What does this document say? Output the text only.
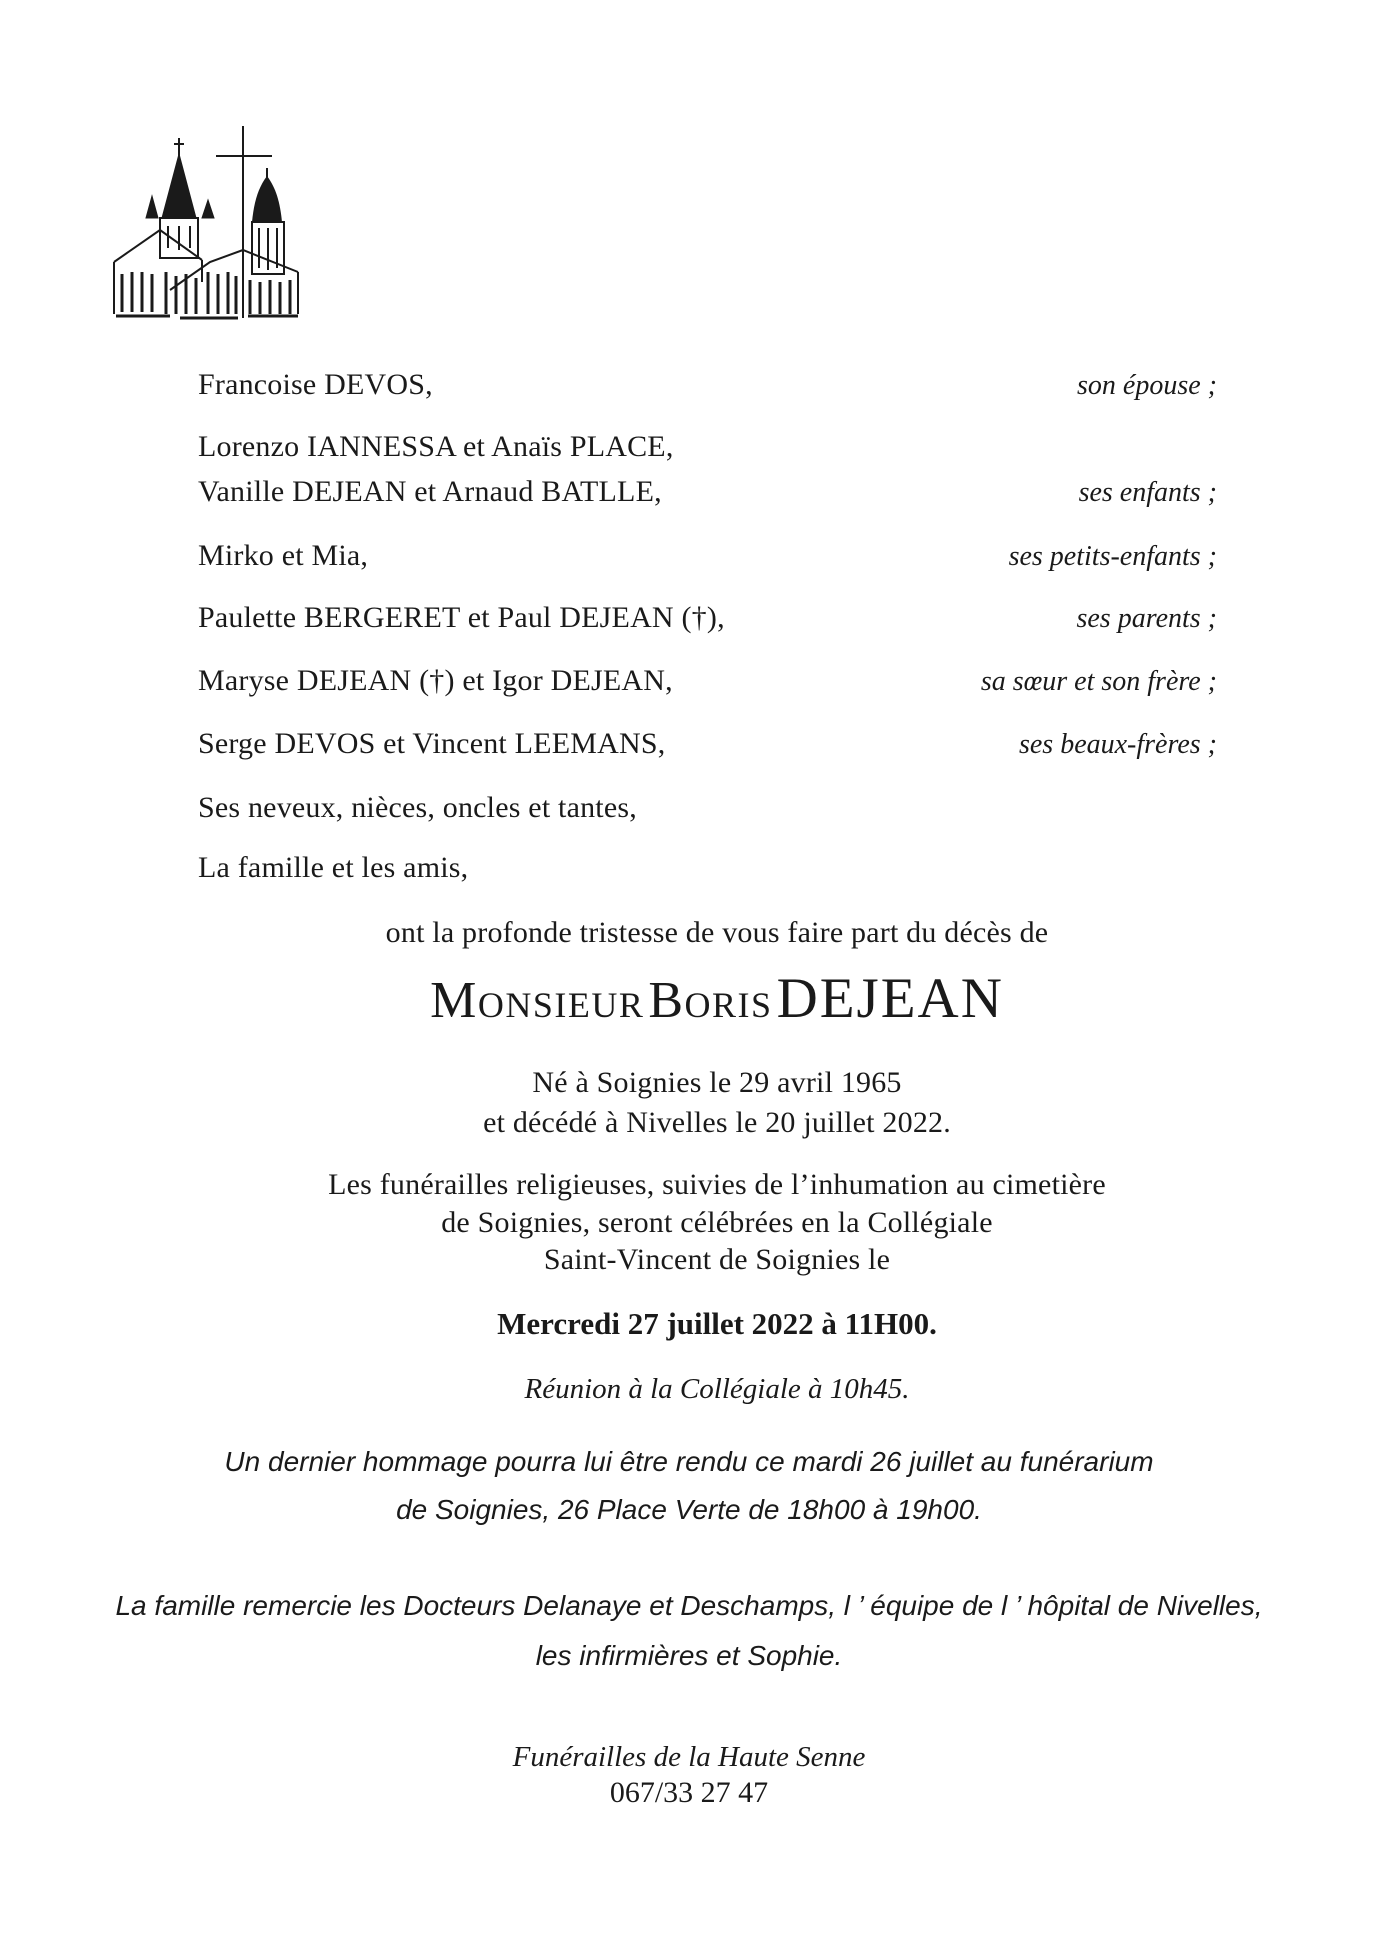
Francoise DEVOS,	son épouse ;
Lorenzo IANNESSA et Anaïs PLACE,
Vanille DEJEAN et Arnaud BATLLE,	ses enfants ;
Mirko et Mia,	ses petits-enfants ;
Paulette BERGERET et Paul DEJEAN (†),	ses parents ;
Maryse DEJEAN (†) et Igor DEJEAN,	sa sœur et son frère ;
Serge DEVOS et Vincent LEEMANS,	ses beaux-frères ;
Ses neveux, nièces, oncles et tantes,
La famille et les amis,
ont la profonde tristesse de vous faire part du décès de
Monsieur Boris DEJEAN
Né à Soignies le 29 avril 1965
et décédé à Nivelles le 20 juillet 2022.
Les funérailles religieuses, suivies de l’inhumation au cimetière
de Soignies, seront célébrées en la Collégiale
Saint-Vincent de Soignies le
Mercredi 27 juillet 2022 à 11H00.
Réunion à la Collégiale à 10h45.
Un dernier hommage pourra lui être rendu ce mardi 26 juillet au funérarium
de Soignies, 26 Place Verte de 18h00 à 19h00.
La famille remercie les Docteurs Delanaye et Deschamps, l ’ équipe de l ’ hôpital de Nivelles,
les infirmières et Sophie.
Funérailles de la Haute Senne
067/33 27 47
